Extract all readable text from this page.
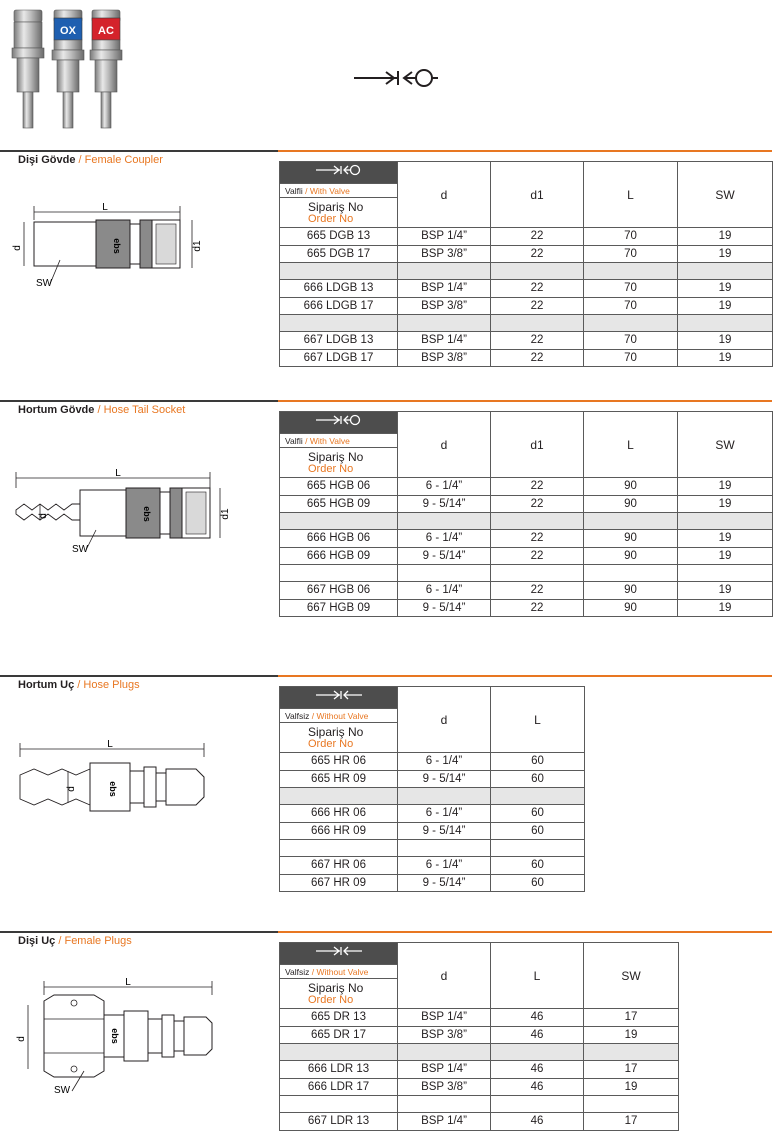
OX AC
Dişi Gövde / Female Coupler
L
ebs
d	d1
SW
	d	d1	L	SW
Valfli / With Valve				
Sipariş No
Order No				

665 DGB 13	BSP 1/4”	22	70	19
665 DGB 17	BSP 3/8”	22	70	19

666 LDGB 13	BSP 1/4”	22	70	19
666 LDGB 17	BSP 3/8”	22	70	19

667 LDGB 13	BSP 1/4”	22	70	19
667 LDGB 17	BSP 3/8”	22	70	19
Hortum Gövde / Hose Tail Socket
L
ebs
d	d1
SW
	d	d1	L	SW
Valfli / With Valve				
Sipariş No
Order No				

665 HGB 06	6 - 1/4”	22	90	19
665 HGB 09	9 - 5/14”	22	90	19

666 HGB 06	6 - 1/4”	22	90	19
666 HGB 09	9 - 5/14”	22	90	19

667 HGB 06	6 - 1/4”	22	90	19
667 HGB 09	9 - 5/14”	22	90	19
Hortum Uç / Hose Plugs
L
ebs
d
	d	L
Valfsiz / Without Valve		
Sipariş No
Order No		

665 HR 06	6 - 1/4”	60
665 HR 09	9 - 5/14”	60

666 HR 06	6 - 1/4”	60
666 HR 09	9 - 5/14”	60

667 HR 06	6 - 1/4”	60
667 HR 09	9 - 5/14”	60
Dişi Uç / Female Plugs
L
ebs
d
SW
	d	L	SW
Valfsiz / Without Valve			
Sipariş No
Order No			

665 DR 13	BSP 1/4”	46	17
665 DR 17	BSP 3/8”	46	19

666 LDR 13	BSP 1/4”	46	17
666 LDR 17	BSP 3/8”	46	19

667 LDR 13	BSP 1/4”	46	17
